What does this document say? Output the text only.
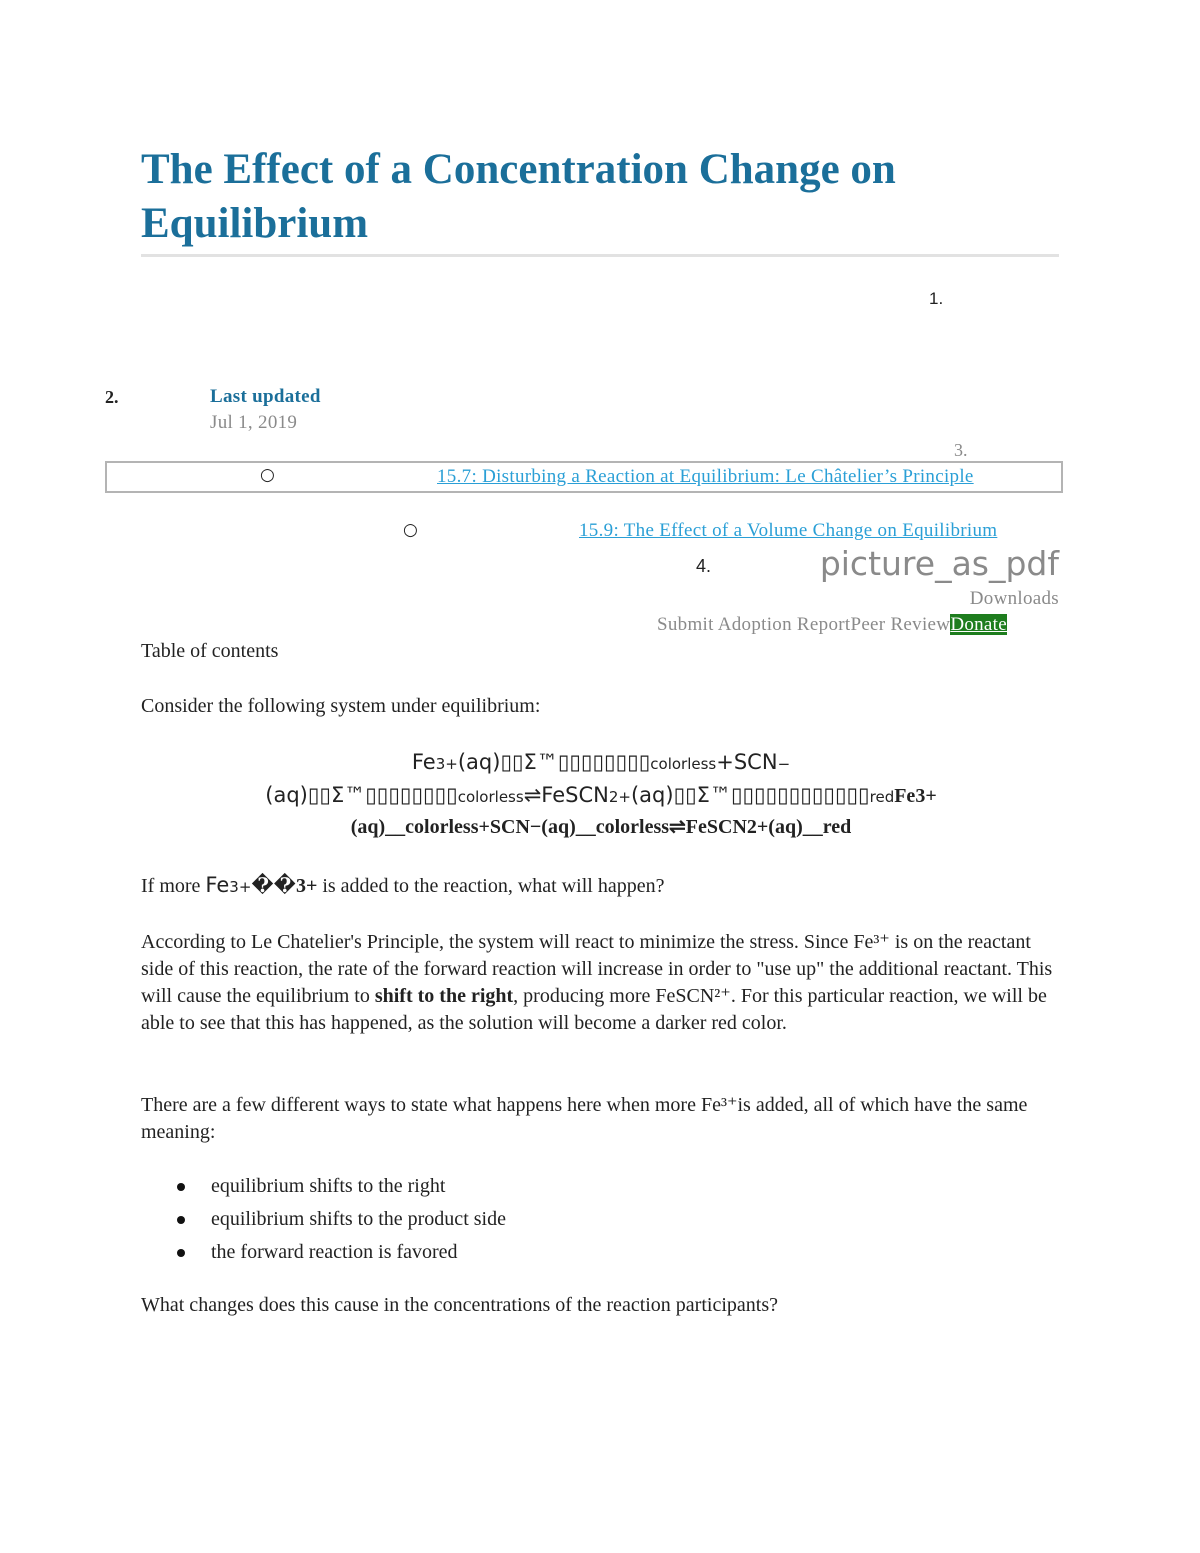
The Effect of a Concentration Change on Equilibrium
1.
2.	Last updated
Jul 1, 2019
3.
○	15.7: Disturbing a Reaction at Equilibrium: Le Châtelier’s Principle
○	15.9: The Effect of a Volume Change on Equilibrium
4.	picture_as_pdf
Downloads
Submit Adoption ReportPeer ReviewDonate
Table of contents
Consider the following system under equilibrium:
Fe3+(aq)▯▯Σ™▯▯▯▯▯▯▯▯colorless+SCN−
(aq)▯▯Σ™▯▯▯▯▯▯▯▯colorless⇌FeSCN2+(aq)▯▯Σ™▯▯▯▯▯▯▯▯▯▯▯▯redFe3+
(aq)__colorless+SCN−(aq)__colorless⇌FeSCN2+(aq)__red
If more Fe3+��3+ is added to the reaction, what will happen?

According to Le Chatelier's Principle, the system will react to minimize the stress. Since Fe³⁺ is on the reactant side of this reaction, the rate of the forward reaction will increase in order to "use up" the additional reactant. This will cause the equilibrium to shift to the right, producing more FeSCN²⁺. For this particular reaction, we will be able to see that this has happened, as the solution will become a darker red color.

There are a few different ways to state what happens here when more Fe³⁺is added, all of which have the same meaning:

equilibrium shifts to the right
equilibrium shifts to the product side
the forward reaction is favored
What changes does this cause in the concentrations of the reaction participants?
